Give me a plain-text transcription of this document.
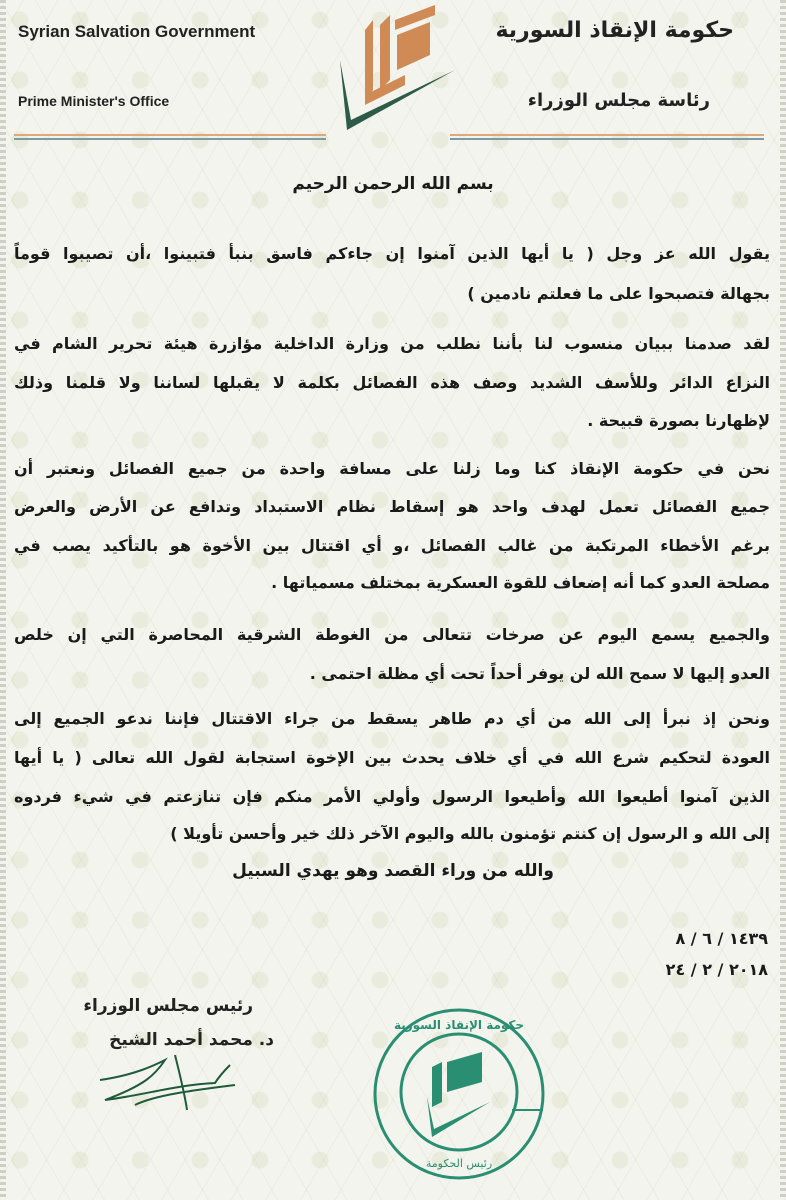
Syrian Salvation Government
Prime Minister's Office
حكومة الإنقاذ السورية
رئاسة مجلس الوزراء
بسم الله الرحمن الرحيم
يقول الله عز وجل ( يا أيها الذين آمنوا إن جاءكم فاسق بنبأ فتبينوا ،أن تصيبوا قوماً
بجهالة فتصبحوا على ما فعلتم نادمين )
لقد صدمنا ببيان منسوب لنا بأننا نطلب من وزارة الداخلية مؤازرة هيئة تحرير الشام في
النزاع الدائر وللأسف الشديد وصف هذه الفصائل بكلمة لا يقبلها لساننا ولا قلمنا وذلك
لإظهارنا بصورة قبيحة .
نحن في حكومة الإنقاذ كنا وما زلنا على مسافة واحدة من جميع الفصائل ونعتبر أن
جميع الفصائل تعمل لهدف واحد هو إسقاط نظام الاستبداد وتدافع عن الأرض والعرض
برغم الأخطاء المرتكبة من غالب الفصائل ،و أي اقتتال بين الأخوة هو بالتأكيد يصب في
مصلحة العدو كما أنه إضعاف للقوة العسكرية بمختلف مسمياتها .
والجميع يسمع اليوم عن صرخات تتعالى من الغوطة الشرقية المحاصرة التي إن خلص
العدو إليها لا سمح الله لن يوفر أحداً تحت أي مظلة احتمى .
ونحن إذ نبرأ إلى الله من أي دم طاهر يسقط من جراء الاقتتال فإننا ندعو الجميع إلى
العودة لتحكيم شرع الله في أي خلاف يحدث بين الإخوة استجابة لقول الله تعالى ( يا أيها
الذين آمنوا أطيعوا الله وأطيعوا الرسول وأولي الأمر منكم فإن تنازعتم في شيء فردوه
إلى الله و الرسول إن كنتم تؤمنون بالله واليوم الآخر ذلك خير وأحسن تأويلا )
والله من وراء القصد وهو يهدي السبيل
١٤٣٩ / ٦ / ٨
٢٠١٨ / ٢ / ٢٤
رئيس مجلس الوزراء
د. محمد أحمد الشيخ
حكومة الإنقاذ السورية
رئيس الحكومة
